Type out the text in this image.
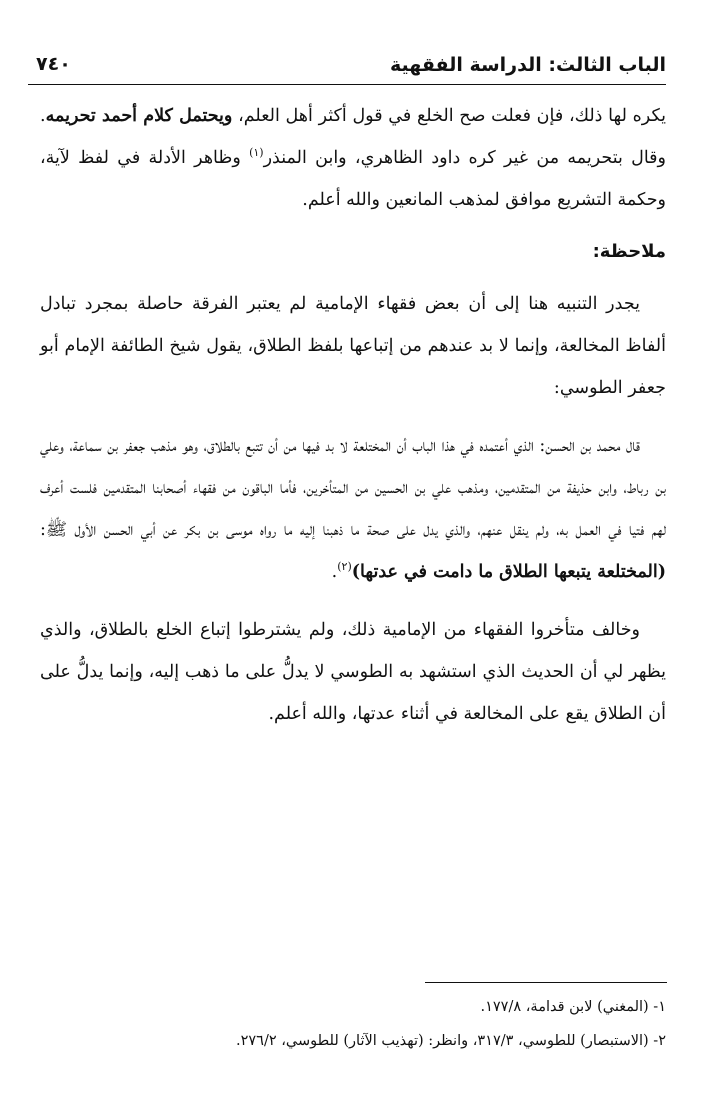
الباب الثالث: الدراسة الفقهية
٧٤٠

يكره لها ذلك، فإن فعلت صح الخلع في قول أكثر أهل العلم، ويحتمل كلام أحمد تحريمه. وقال بتحريمه من غير كره داود الظاهري، وابن المنذر$^{(١)}$ وظاهر الأدلة في لفظ لآية، وحكمة التشريع موافق لمذهب المانعين والله أعلم.

ملاحظة:

يجدر التنبيه هنا إلى أن بعض فقهاء الإمامية لم يعتبر الفرقة حاصلة بمجرد تبادل ألفاظ المخالعة، وإنما لا بد عندهم من إتباعها بلفظ الطلاق، يقول شيخ الطائفة الإمام أبو جعفر الطوسي:

قال محمد بن الحسن: الذي أعتمده في هذا الباب أن المختلعة لا بد فيها من أن تتبع بالطلاق، وهو مذهب جعفر بن سماعة، وعلي بن رباط، وابن حذيفة من المتقدمين، ومذهب علي بن الحسين من المتأخرين، فأما الباقون من فقهاء أصحابنا المتقدمين فلست أعرف لهم فتيا في العمل به، ولم ينقل عنهم، والذي يدل على صحة ما ذهبنا إليه ما رواه موسى بن بكر عن أبي الحسن الأول ﷺ: (المختلعة يتبعها الطلاق ما دامت في عدتها)$^{(٢)}$.

وخالف متأخروا الفقهاء من الإمامية ذلك، ولم يشترطوا إتباع الخلع بالطلاق، والذي يظهر لي أن الحديث الذي استشهد به الطوسي لا يدلُّ على ما ذهب إليه، وإنما يدلُّ على أن الطلاق يقع على المخالعة في أثناء عدتها، والله أعلم.

١- (المغني) لابن قدامة، ١٧٧/٨.

٢- (الاستبصار) للطوسي، ٣١٧/٣، وانظر: (تهذيب الآثار) للطوسي، ٢٧٦/٢.
